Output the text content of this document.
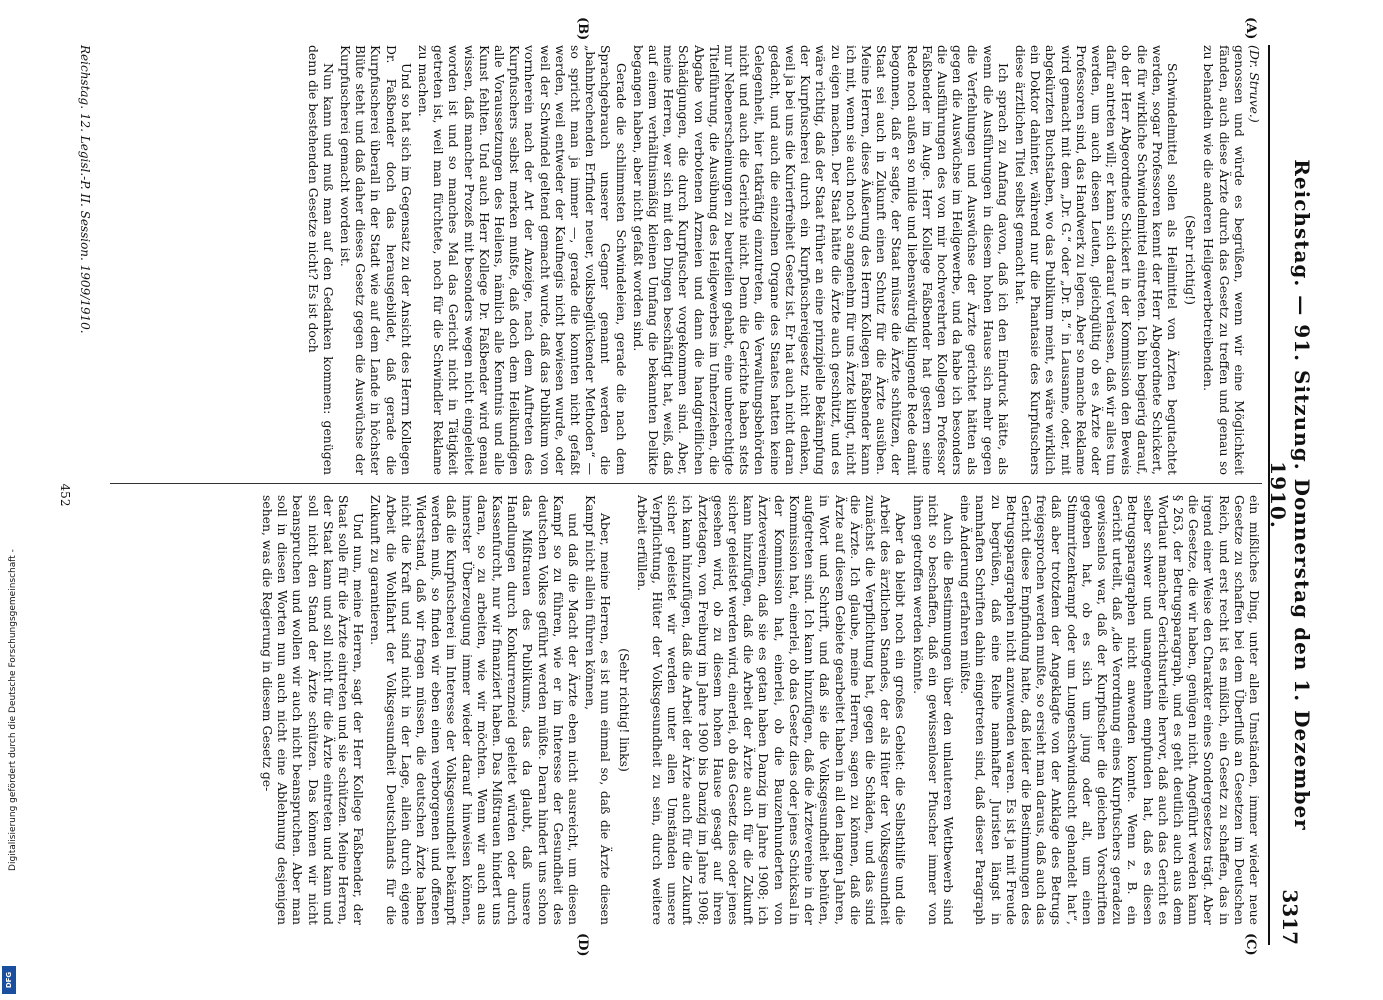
Digitalisierung gefördert durch die Deutsche Forschungsgemeinschaft -
DFG
Reichstag. — 91. Sitzung. Donnerstag den 1. Dezember 1910.
3317
(A)
(B)
(C)
(D)
(Dr. Struve.)

genossen und würde es begrüßen, wenn wir eine Möglichkeit fänden, auch diese Ärzte durch das Gesetz zu treffen und genau so zu behandeln wie die anderen Heilgewerbetreibenden.

(Sehr richtig!)

Schwindelmittel sollen als Heilmittel von Ärzten begutachtet werden, sogar Professoren kennt der Herr Abgeordnete Schickert, die für wirkliche Schwindelmittel eintreten. Ich bin begierig darauf, ob der Herr Abgeordnete Schickert in der Kommission den Beweis dafür antreten will; er kann sich darauf verlassen, daß wir alles tun werden, um auch diesen Leuten, gleichgültig ob es Ärzte oder Professoren sind, das Handwerk zu legen. Aber so manche Reklame wird gemacht mit dem „Dr. G.“ oder „Dr. B.“ in Lausanne, oder, mit abgekürzten Buchstaben, wo das Publikum meint, es wäre wirklich ein Doktor dahinter, während nur die Phantasie des Kurpfuschers diese ärztlichen Titel selbst gemacht hat.

Ich sprach zu Anfang davon, daß ich den Eindruck hätte, als wenn die Ausführungen in diesem hohen Hause sich mehr gegen die Verfehlungen und Auswüchse der Ärzte gerichtet hätten als gegen die Auswüchse im Heilgewerbe, und da habe ich besonders die Ausführungen des von mir hochverehrten Kollegen Professor Faßbender im Auge. Herr Kollege Faßbender hat gestern seine Rede noch außen so milde und liebenswürdig klingende Rede damit begonnen, daß er sagte, der Staat müsse die Ärzte schützen, der Staat sei auch in Zukunft einen Schutz für die Ärzte ausüben. Meine Herren, diese Äußerung des Herrn Kollegen Faßbender kann ich mit, wenn sie auch noch so angenehm für uns Ärzte klingt, nicht zu eigen machen. Der Staat hätte die Ärzte auch geschützt, und es wäre richtig, daß der Staat früher an eine prinzipielle Bekämpfung der Kurpfuscherei durch ein Kurpfuschereigesetz nicht denken, weil ja bei uns die Kurierfreiheit Gesetz ist. Er hat auch nicht daran gedacht, und auch die einzelnen Organe des Staates hatten keine Gelegenheit, hier tatkräftig einzutreten, die Verwaltungsbehörden nicht und auch die Gerichte nicht. Denn die Gerichte haben stets nur Nebenerscheinungen zu beurteilen gehabt, eine unberechtigte Titelführung, die Ausübung des Heilgewerbes im Umherziehen, die Abgabe von verbotenen Arzneien und dann die handgreiflichen Schädigungen, die durch Kurpfuscher vorgekommen sind. Aber, meine Herren, wer sich mit den Dingen beschäftigt hat, weiß, daß auf einem verhältnismäßig kleinen Umfang die bekannten Delikte begangen haben, aber nicht gefaßt worden sind.

Gerade die schlimmsten Schwindeleien, gerade die nach dem Sprachgebrauch unserer Gegner genannt werden die „bahnbrechenden Erfinder neuer, volksbeglückender Methoden“ — so spricht man ja immer —, gerade die konnten nicht gefaßt werden, weil entweder der Kaufnegis nicht bewiesen wurde, oder weil der Schwindel geltend gemacht wurde, daß das Publikum von vornherein nach der Art der Anzeige, nach dem Auftreten des Kurpfuschers selbst merken mußte, daß doch dem Heilkundigen alle Voraussetzungen des Heilens, nämlich alle Kenntnis und alle Kunst fehlten. Und auch Herr Kollege Dr. Faßbender wird genau wissen, daß mancher Prozeß mit besonders wegen nicht eingeleitet worden ist und so manches Mal das Gericht nicht in Tätigkeit getreten ist, weil man fürchtete, noch für die Schwindler Reklame zu machen.

Und so hat sich im Gegensatz zu der Ansicht des Herrn Kollegen Dr. Faßbender doch das herausgebildet, daß gerade die Kurpfuscherei überall in der Stadt wie auf dem Lande in höchster Blüte steht und daß daher dieses Gesetz gegen die Auswüchse der Kurpfuscherei gemacht worden ist.

Nun kann und muß man auf den Gedanken kommen: genügen denn die bestehenden Gesetze nicht? Es ist doch

ein mißliches Ding, unter allen Umständen, immer wieder neue Gesetze zu schaffen bei dem Überfluß an Gesetzen im Deutschen Reich, und erst recht ist es mißlich, ein Gesetz zu schaffen, das in irgend einer Weise den Charakter eines Sondergesetzes trägt. Aber die Gesetze, die wir haben, genügen nicht. Angeführt werden kann § 263, der Betrugsparagraph, und es geht deutlich auch aus dem Wortlaut mancher Gerichtsurteile hervor, daß auch das Gericht es selber schwer und unangenehm empfunden hat, daß es diesen Betrugsparagraphen nicht anwenden konnte. Wenn z. B. ein Gericht urteilt, daß „die Verordnung eines Kurpfuschers geradezu gewissenlos war, daß der Kurpfuscher die gleichen Vorschriften gegeben hat, ob es sich um jung oder alt, um einen Stimmritzenkrampf oder um Lungenschwindsucht gehandelt hat“, daß aber trotzdem der Angeklagte von der Anklage des Betrugs freigesprochen werden mußte, so ersieht man daraus, daß auch das Gericht diese Empfindung hatte, daß leider die Bestimmungen des Betrugsparagraphen nicht anzuwenden waren. Es ist ja mit Freude zu begrüßen, daß eine Reihe namhafter Juristen längst in namhaften Schriften dahin eingetreten sind, daß dieser Paragraph eine Änderung erfahren müßte.

Auch die Bestimmungen über den unlauteren Wettbewerb sind nicht so beschaffen, daß ein gewissenloser Pfuscher immer von ihnen getroffen werden könnte.

Aber da bleibt noch ein großes Gebiet: die Selbsthilfe und die Arbeit des ärztlichen Standes, der als Hüter der Volksgesundheit zunächst die Verpflichtung hat, gegen die Schäden, und das sind die Ärzte. Ich glaube, meine Herren, sagen zu können, daß die Ärzte auf diesem Gebiete gearbeitet haben in all den langen Jahren, in Wort und Schrift, und daß sie die Volksgesundheit behüten, aufgetreten sind. Ich kann hinzufügen, daß die Ärztevereine in der Kommission hat, einerlei, ob das Gesetz dies oder jenes Schicksal in der Kommission hat, einerlei, ob die Bauzenhunderten von Ärztevereinen, daß sie es getan haben Danzig im Jahre 1908; ich kann hinzufügen, daß die Arbeit der Ärzte auch für die Zukunft sicher geleistet werden wird, einerlei, ob das Gesetz dies oder jenes gesehen wird, ob zu diesem hohen Hause gesagt auf ihren Ärztetagen, von Freiburg im Jahre 1900 bis Danzig im Jahre 1908; ich kann hinzufügen, daß die Arbeit der Ärzte auch für die Zukunft sicher geleistet wir werden unter allen Umständen unsere Verpflichtung, Hüter der Volksgesundheit zu sein, durch weitere Arbeit erfüllen.

(Sehr richtig! links)

Aber, meine Herren, es ist nun einmal so, daß die Ärzte diesen Kampf nicht allein führen können,

und daß die Macht der Ärzte eben nicht ausreicht, um diesen Kampf so zu führen, wie er im Interesse der Gesundheit des deutschen Volkes geführt werden müßte. Daran hindert uns schon das Mißtrauen des Publikums, das da glaubt, daß unsere Handlungen durch Konkurrenzneid geleitet würden oder durch Kassenfurcht, nur wir finanziert haben. Das Mißtrauen hindert uns daran, so zu arbeiten, wie wir möchten. Wenn wir auch aus innerster Überzeugung immer wieder darauf hinweisen können, daß die Kurpfuscherei im Interesse der Volksgesundheit bekämpft werden muß, so finden wir eben einen verborgenen und offenen Widerstand, daß wir fragen müssen, die deutschen Ärzte haben nicht die Kraft und sind nicht in der Lage, allein durch eigene Arbeit die Wohlfahrt der Volksgesundheit Deutschlands für die Zukunft zu garantieren.

Und nun, meine Herren, sagt der Herr Kollege Faßbender, der Staat solle für die Ärzte eintreten und sie schützen. Meine Herren, der Staat kann und soll nicht für die Ärzte eintreten und kann und soll nicht den Stand der Ärzte schützen. Das können wir nicht beanspruchen und wollen wir auch nicht beanspruchen. Aber man soll in diesen Worten nun auch nicht eine Ablehnung desjenigen sehen, was die Regierung in diesem Gesetz ge-

Reichstag. 12. Legisl.-P. II. Session. 1909/1910.
452
